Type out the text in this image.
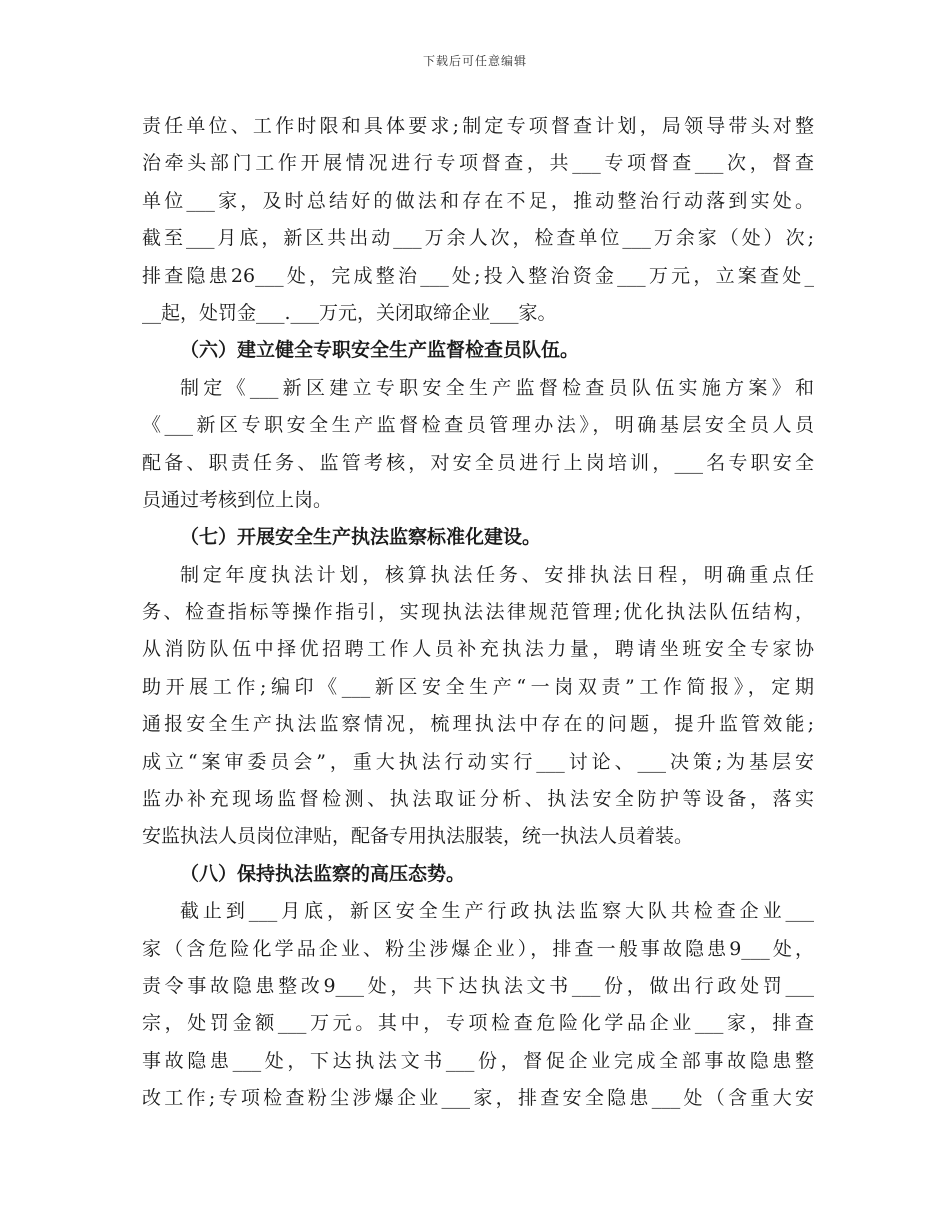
下载后可任意编辑
责任单位、工作时限和具体要求;制定专项督查计划，局领导带头对整
治牵头部门工作开展情况进行专项督查，共___专项督查___次，督查
单位___家，及时总结好的做法和存在不足，推动整治行动落到实处。
截至___月底，新区共出动___万余人次，检查单位___万余家（处）次;
排查隐患26___处，完成整治___处;投入整治资金___万元，立案查处_
__起，处罚金___.___万元，关闭取缔企业___家。
（六）建立健全专职安全生产监督检查员队伍。
制定《___新区建立专职安全生产监督检查员队伍实施方案》和
《___新区专职安全生产监督检查员管理办法》，明确基层安全员人员
配备、职责任务、监管考核，对安全员进行上岗培训，___名专职安全
员通过考核到位上岗。
（七）开展安全生产执法监察标准化建设。
制定年度执法计划，核算执法任务、安排执法日程，明确重点任
务、检查指标等操作指引，实现执法法律规范管理;优化执法队伍结构，
从消防队伍中择优招聘工作人员补充执法力量，聘请坐班安全专家协
助开展工作;编印《___新区安全生产“一岗双责”工作简报》，定期
通报安全生产执法监察情况，梳理执法中存在的问题，提升监管效能;
成立“案审委员会”，重大执法行动实行___讨论、___决策;为基层安
监办补充现场监督检测、执法取证分析、执法安全防护等设备，落实
安监执法人员岗位津贴，配备专用执法服装，统一执法人员着装。
（八）保持执法监察的高压态势。
截止到___月底，新区安全生产行政执法监察大队共检查企业___
家（含危险化学品企业、粉尘涉爆企业），排查一般事故隐患9___处，
责令事故隐患整改9___处，共下达执法文书___份，做出行政处罚___
宗，处罚金额___万元。其中，专项检查危险化学品企业___家，排查
事故隐患___处，下达执法文书___份，督促企业完成全部事故隐患整
改工作;专项检查粉尘涉爆企业___家，排查安全隐患___处（含重大安
